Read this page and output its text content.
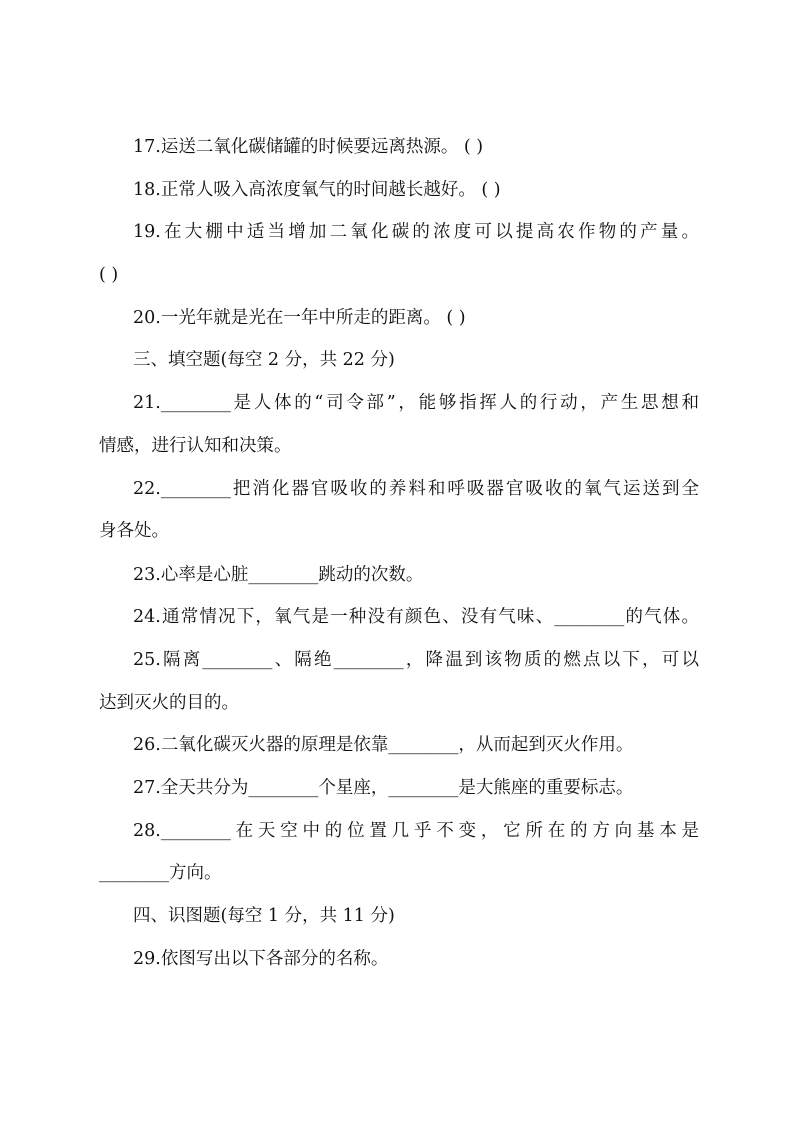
17.运送二氧化碳储罐的时候要远离热源。 ( )
18.正常人吸入高浓度氧气的时间越长越好。 ( )
19.在大棚中适当增加二氧化碳的浓度可以提高农作物的产量。
( )
20.一光年就是光在一年中所走的距离。 ( )
三、填空题(每空 2 分，共 22 分)
21.________是人体的“司令部”，能够指挥人的行动，产生思想和
情感，进行认知和决策。
22.________把消化器官吸收的养料和呼吸器官吸收的氧气运送到全
身各处。
23.心率是心脏________跳动的次数。
24.通常情况下，氧气是一种没有颜色、没有气味、________的气体。
25.隔离________、隔绝________，降温到该物质的燃点以下，可以
达到灭火的目的。
26.二氧化碳灭火器的原理是依靠________，从而起到灭火作用。
27.全天共分为________个星座，________是大熊座的重要标志。
28.________在天空中的位置几乎不变，它所在的方向基本是
________方向。
四、识图题(每空 1 分，共 11 分)
29.依图写出以下各部分的名称。
